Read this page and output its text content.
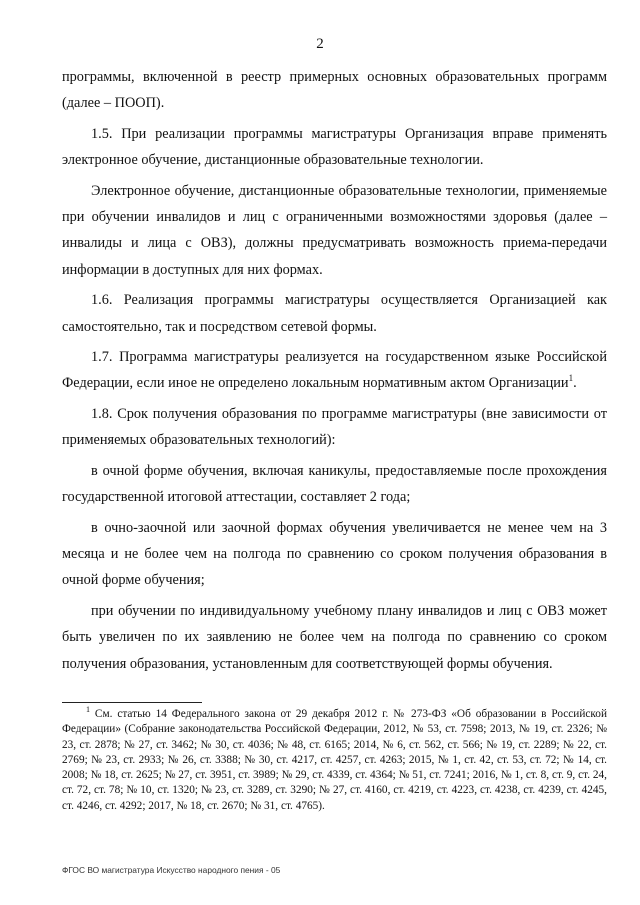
2

программы, включенной в реестр примерных основных образовательных программ (далее – ПООП).

1.5. При реализации программы магистратуры Организация вправе применять электронное обучение, дистанционные образовательные технологии.

Электронное обучение, дистанционные образовательные технологии, применяемые при обучении инвалидов и лиц с ограниченными возможностями здоровья (далее – инвалиды и лица с ОВЗ), должны предусматривать возможность приема-передачи информации в доступных для них формах.

1.6. Реализация программы магистратуры осуществляется Организацией как самостоятельно, так и посредством сетевой формы.

1.7. Программа магистратуры реализуется на государственном языке Российской Федерации, если иное не определено локальным нормативным актом Организации$^1$.

1.8. Срок получения образования по программе магистратуры (вне зависимости от применяемых образовательных технологий):

в очной форме обучения, включая каникулы, предоставляемые после прохождения государственной итоговой аттестации, составляет 2 года;

в очно-заочной или заочной формах обучения увеличивается не менее чем на 3 месяца и не более чем на полгода по сравнению со сроком получения образования в очной форме обучения;

при обучении по индивидуальному учебному плану инвалидов и лиц с ОВЗ может быть увеличен по их заявлению не более чем на полгода по сравнению со сроком получения образования, установленным для соответствующей формы обучения.

$^1$ См. статью 14 Федерального закона от 29 декабря 2012 г. № 273-ФЗ «Об образовании в Российской Федерации» (Собрание законодательства Российской Федерации, 2012, № 53, ст. 7598; 2013, № 19, ст. 2326; № 23, ст. 2878; № 27, ст. 3462; № 30, ст. 4036; № 48, ст. 6165; 2014, № 6, ст. 562, ст. 566; № 19, ст. 2289; № 22, ст. 2769; № 23, ст. 2933; № 26, ст. 3388; № 30, ст. 4217, ст. 4257, ст. 4263; 2015, № 1, ст. 42, ст. 53, ст. 72; № 14, ст. 2008; № 18, ст. 2625; № 27, ст. 3951, ст. 3989; № 29, ст. 4339, ст. 4364; № 51, ст. 7241; 2016, № 1, ст. 8, ст. 9, ст. 24, ст. 72, ст. 78; № 10, ст. 1320; № 23, ст. 3289, ст. 3290; № 27, ст. 4160, ст. 4219, ст. 4223, ст. 4238, ст. 4239, ст. 4245, ст. 4246, ст. 4292; 2017, № 18, ст. 2670; № 31, ст. 4765).
ФГОС ВО магистратура Искусство народного пения - 05
